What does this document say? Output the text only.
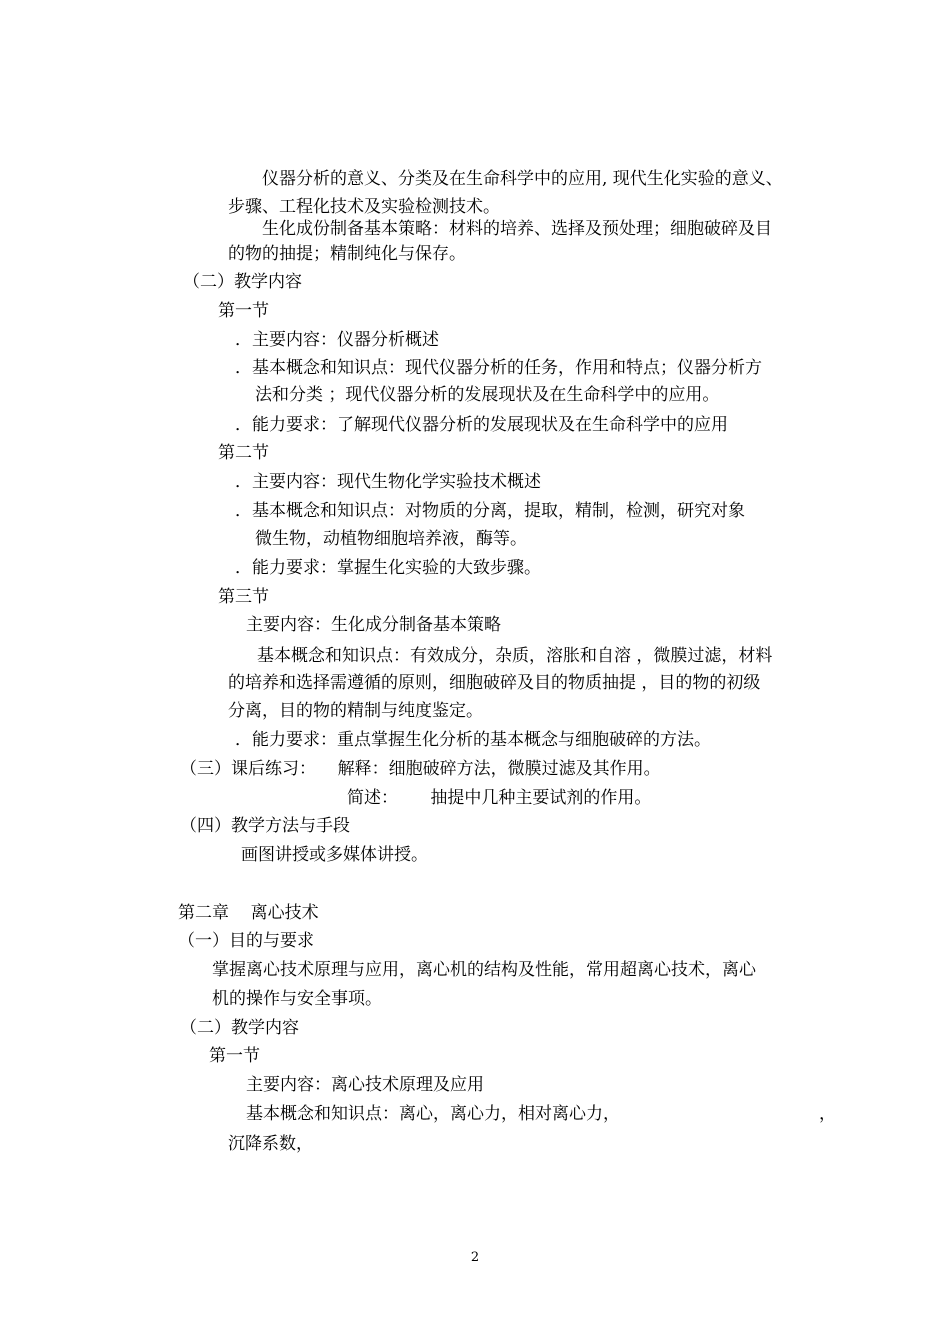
仪器分析的意义、分类及在生命科学中的应用, 现代生化实验的意义、
步骤、工程化技术及实验检测技术。
生化成份制备基本策略：材料的培养、选择及预处理；细胞破碎及目
的物的抽提；精制纯化与保存。
（二）教学内容
第一节
．主要内容：仪器分析概述
．基本概念和知识点：现代仪器分析的任务，作用和特点；仪器分析方
法和分类 ；现代仪器分析的发展现状及在生命科学中的应用。
．能力要求：了解现代仪器分析的发展现状及在生命科学中的应用
第二节
．主要内容：现代生物化学实验技术概述
．基本概念和知识点：对物质的分离，提取，精制，检测，研究对象
微生物，动植物细胞培养液，酶等。
．能力要求：掌握生化实验的大致步骤。
第三节
主要内容：生化成分制备基本策略
基本概念和知识点：有效成分，杂质，溶胀和自溶 ，微膜过滤，材料
的培养和选择需遵循的原则，细胞破碎及目的物质抽提 ，目的物的初级
分离，目的物的精制与纯度鉴定。
．能力要求：重点掌握生化分析的基本概念与细胞破碎的方法。
（三）课后练习：    解释：细胞破碎方法，微膜过滤及其作用。
简述：      抽提中几种主要试剂的作用。
（四）教学方法与手段
画图讲授或多媒体讲授。
第二章    离心技术
（一）目的与要求
掌握离心技术原理与应用，离心机的结构及性能，常用超离心技术，离心
机的操作与安全事项。
（二）教学内容
第一节
主要内容：离心技术原理及应用
基本概念和知识点：离心，离心力，相对离心力，	，
沉降系数，
2
